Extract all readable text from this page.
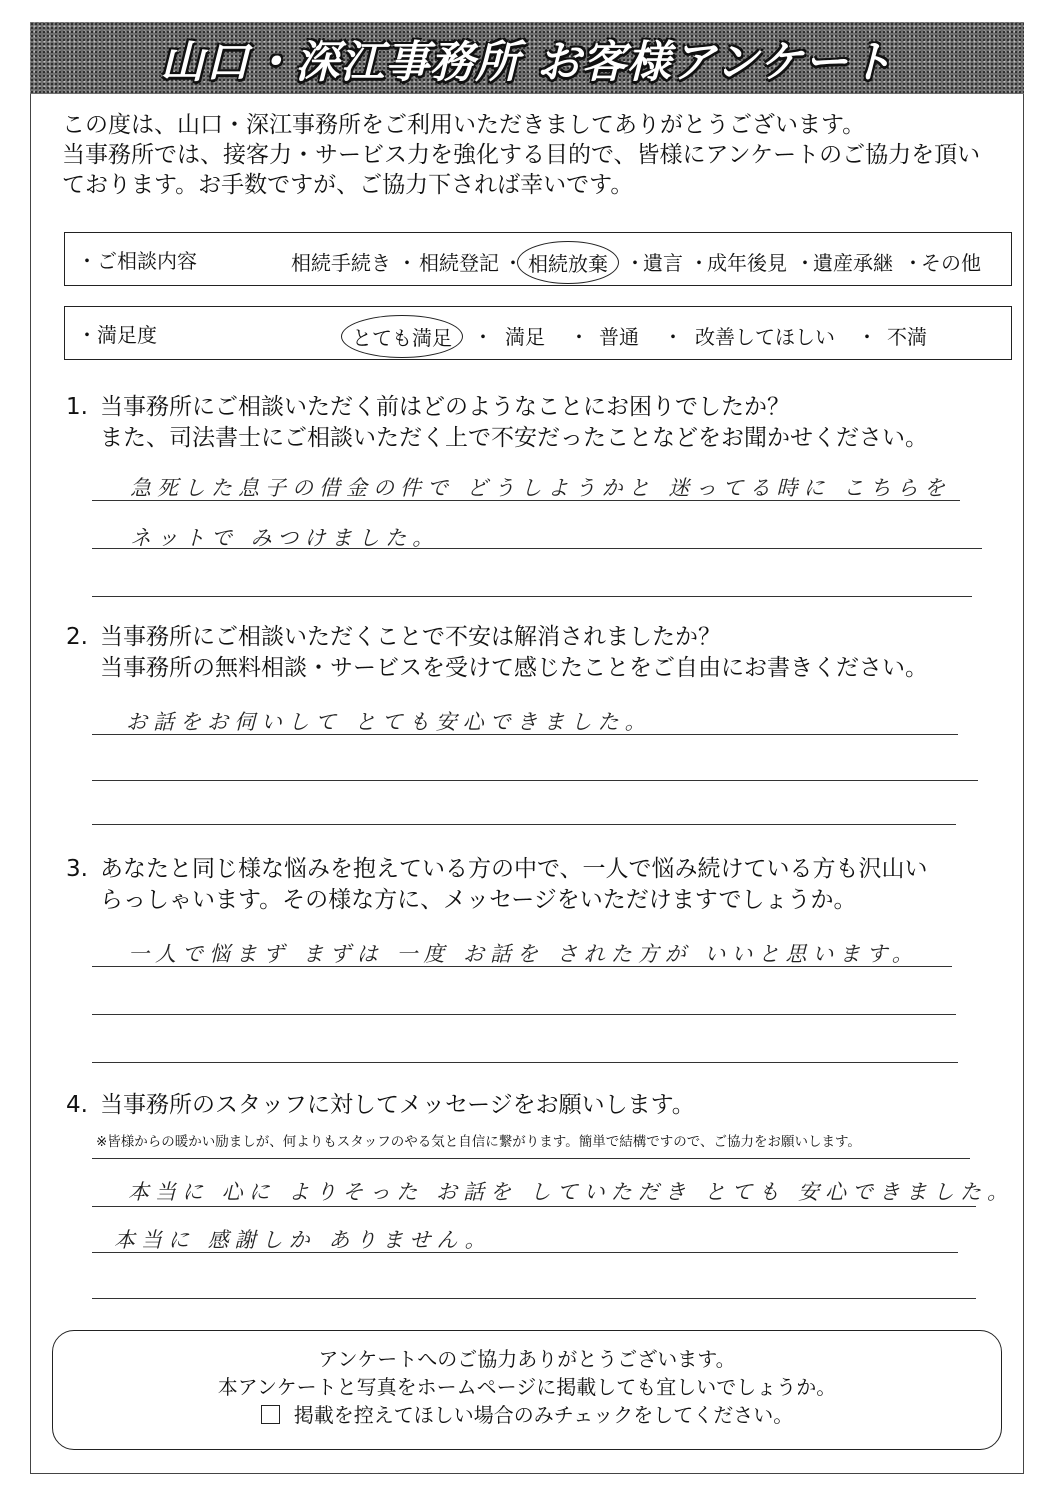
山口・深江事務所 お客様アンケート

この度は、山口・深江事務所をご利用いただきましてありがとうございます。

当事務所では、接客力・サービス力を強化する目的で、皆様にアンケートのご協力を頂い

ております。お手数ですが、ご協力下されば幸いです。

・ご相談内容	相続手続き ・ 相続登記 ・ 相続放棄 ・
遺言 ・
成年後見 ・
遺産承継 ・
その他
・満足度	とても満足	・ 満足 ・ 普通 ・ 改善してほしい ・ 不満
1. 当事務所にご相談いただく前はどのようなことにお困りでしたか？
また、司法書士にご相談いただく上で不安だったことなどをお聞かせください。
急死した息子の借金の件で どうしようかと 迷ってる時に こちらを
ネットで みつけました。
2. 当事務所にご相談いただくことで不安は解消されましたか？
当事務所の無料相談・サービスを受けて感じたことをご自由にお書きください。
お話をお伺いして とても安心できました。
3. あなたと同じ様な悩みを抱えている方の中で、一人で悩み続けている方も沢山い
らっしゃいます。その様な方に、メッセージをいただけますでしょうか。
一人で悩まず まずは 一度 お話を された方が いいと思います。
4. 当事務所のスタッフに対してメッセージをお願いします。
※皆様からの暖かい励ましが、何よりもスタッフのやる気と自信に繋がります。簡単で結構ですので、ご協力をお願いします。
本当に 心に よりそった お話を していただき とても 安心できました。
本当に 感謝しか ありません。

アンケートへのご協力ありがとうございます。

本アンケートと写真をホームページに掲載しても宜しいでしょうか。

掲載を控えてほしい場合のみチェックをしてください。
